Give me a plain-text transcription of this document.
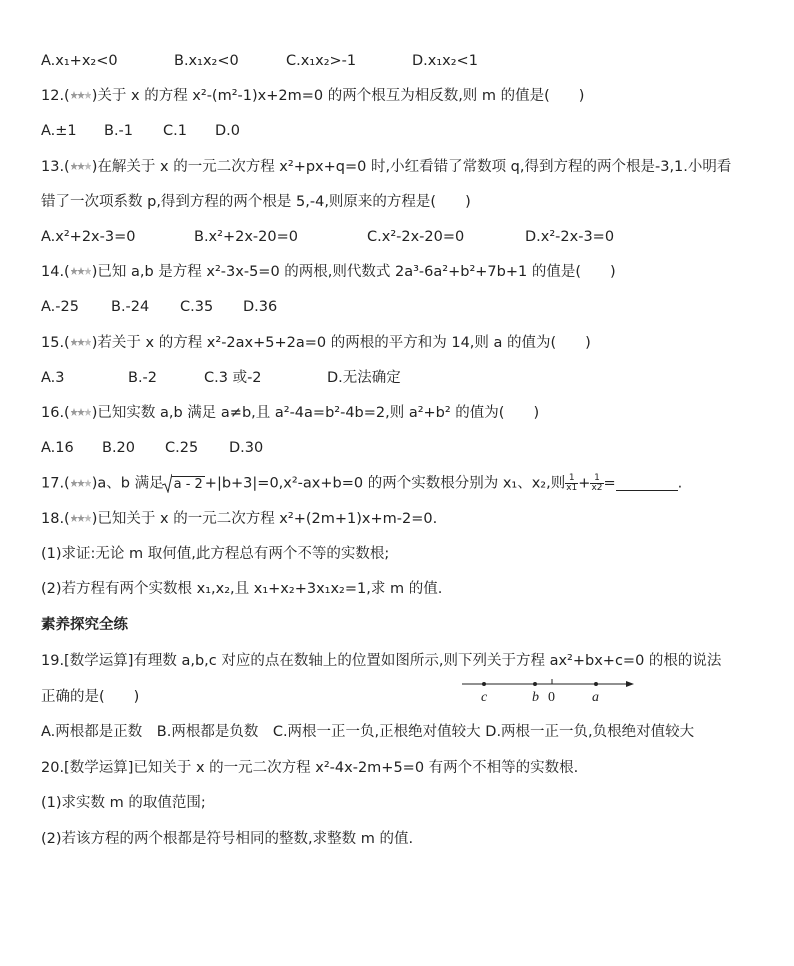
A.x₁+x₂<0	B.x₁x₂<0	C.x₁x₂>-1	D.x₁x₂<1
12.( )关于 x 的方程 x²-(m²-1)x+2m=0 的两个根互为相反数,则 m 的值是(　　)
A.±1 B.-1 C.1 D.0
13.( )在解关于 x 的一元二次方程 x²+px+q=0 时,小红看错了常数项 q,得到方程的两个根是-3,1.小明看
错了一次项系数 p,得到方程的两个根是 5,-4,则原来的方程是(　　)
A.x²+2x-3=0	B.x²+2x-20=0	C.x²-2x-20=0	D.x²-2x-3=0
14.( )已知 a,b 是方程 x²-3x-5=0 的两根,则代数式 2a³-6a²+b²+7b+1 的值是(　　)
A.-25 B.-24 C.35 D.36
15.( )若关于 x 的方程 x²-2ax+5+2a=0 的两根的平方和为 14,则 a 的值为(　　)
A.3	B.-2	C.3 或-2	D.无法确定
16.( )已知实数 a,b 满足 a≠b,且 a²-4a=b²-4b=2,则 a²+b² 的值为(　　)
A.16 B.20 C.25 D.30
17.( )a、b 满足 a - 2 +|b+3|=0,x²-ax+b=0 的两个实数根分别为 x₁、x₂,则 $\frac{1}{x1} + \frac{1}{x2}$ =	.
18.( )已知关于 x 的一元二次方程 x²+(2m+1)x+m-2=0.
(1)求证:无论 m 取何值,此方程总有两个不等的实数根;
(2)若方程有两个实数根 x₁,x₂,且 x₁+x₂+3x₁x₂=1,求 m 的值.
素养探究全练
19.[数学运算]有理数 a,b,c 对应的点在数轴上的位置如图所示,则下列关于方程 ax²+bx+c=0 的根的说法
正确的是(　　)	c	b 0	a
A.两根都是正数　B.两根都是负数　C.两根一正一负,正根绝对值较大 D.两根一正一负,负根绝对值较大
20.[数学运算]已知关于 x 的一元二次方程 x²-4x-2m+5=0 有两个不相等的实数根.
(1)求实数 m 的取值范围;
(2)若该方程的两个根都是符号相同的整数,求整数 m 的值.
